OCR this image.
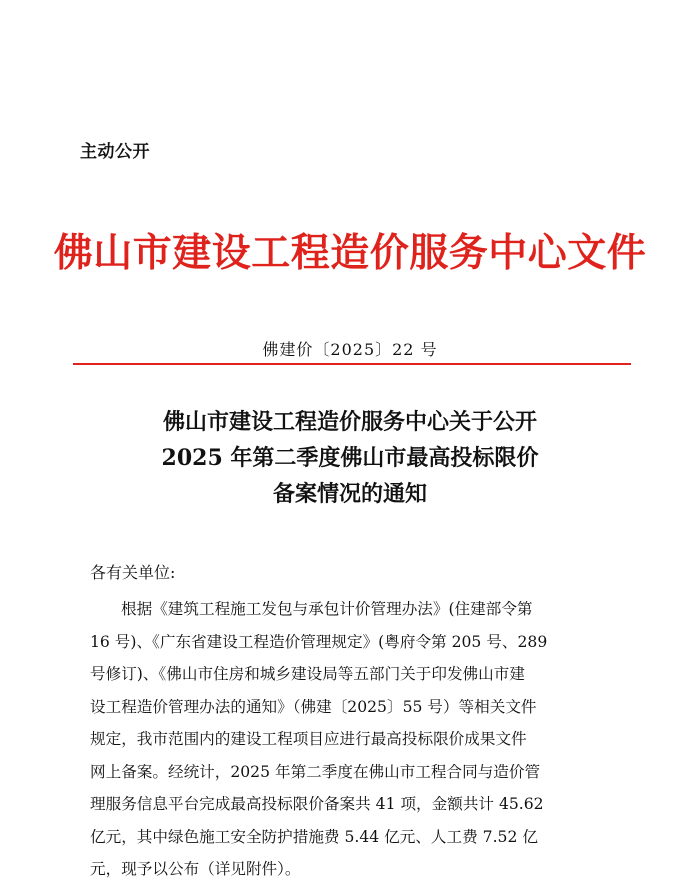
主动公开
佛山市建设工程造价服务中心文件
佛建价〔2025〕22 号
佛山市建设工程造价服务中心关于公开
2025 年第二季度佛山市最高投标限价
备案情况的通知
各有关单位:
根据《建筑工程施工发包与承包计价管理办法》(住建部令第
16 号)、《广东省建设工程造价管理规定》(粤府令第 205 号、289
号修订)、《佛山市住房和城乡建设局等五部门关于印发佛山市建
设工程造价管理办法的通知》（佛建〔2025〕55 号）等相关文件
规定，我市范围内的建设工程项目应进行最高投标限价成果文件
网上备案。经统计，2025 年第二季度在佛山市工程合同与造价管
理服务信息平台完成最高投标限价备案共 41 项，金额共计 45.62
亿元，其中绿色施工安全防护措施费 5.44 亿元、人工费 7.52 亿
元，现予以公布（详见附件）。
